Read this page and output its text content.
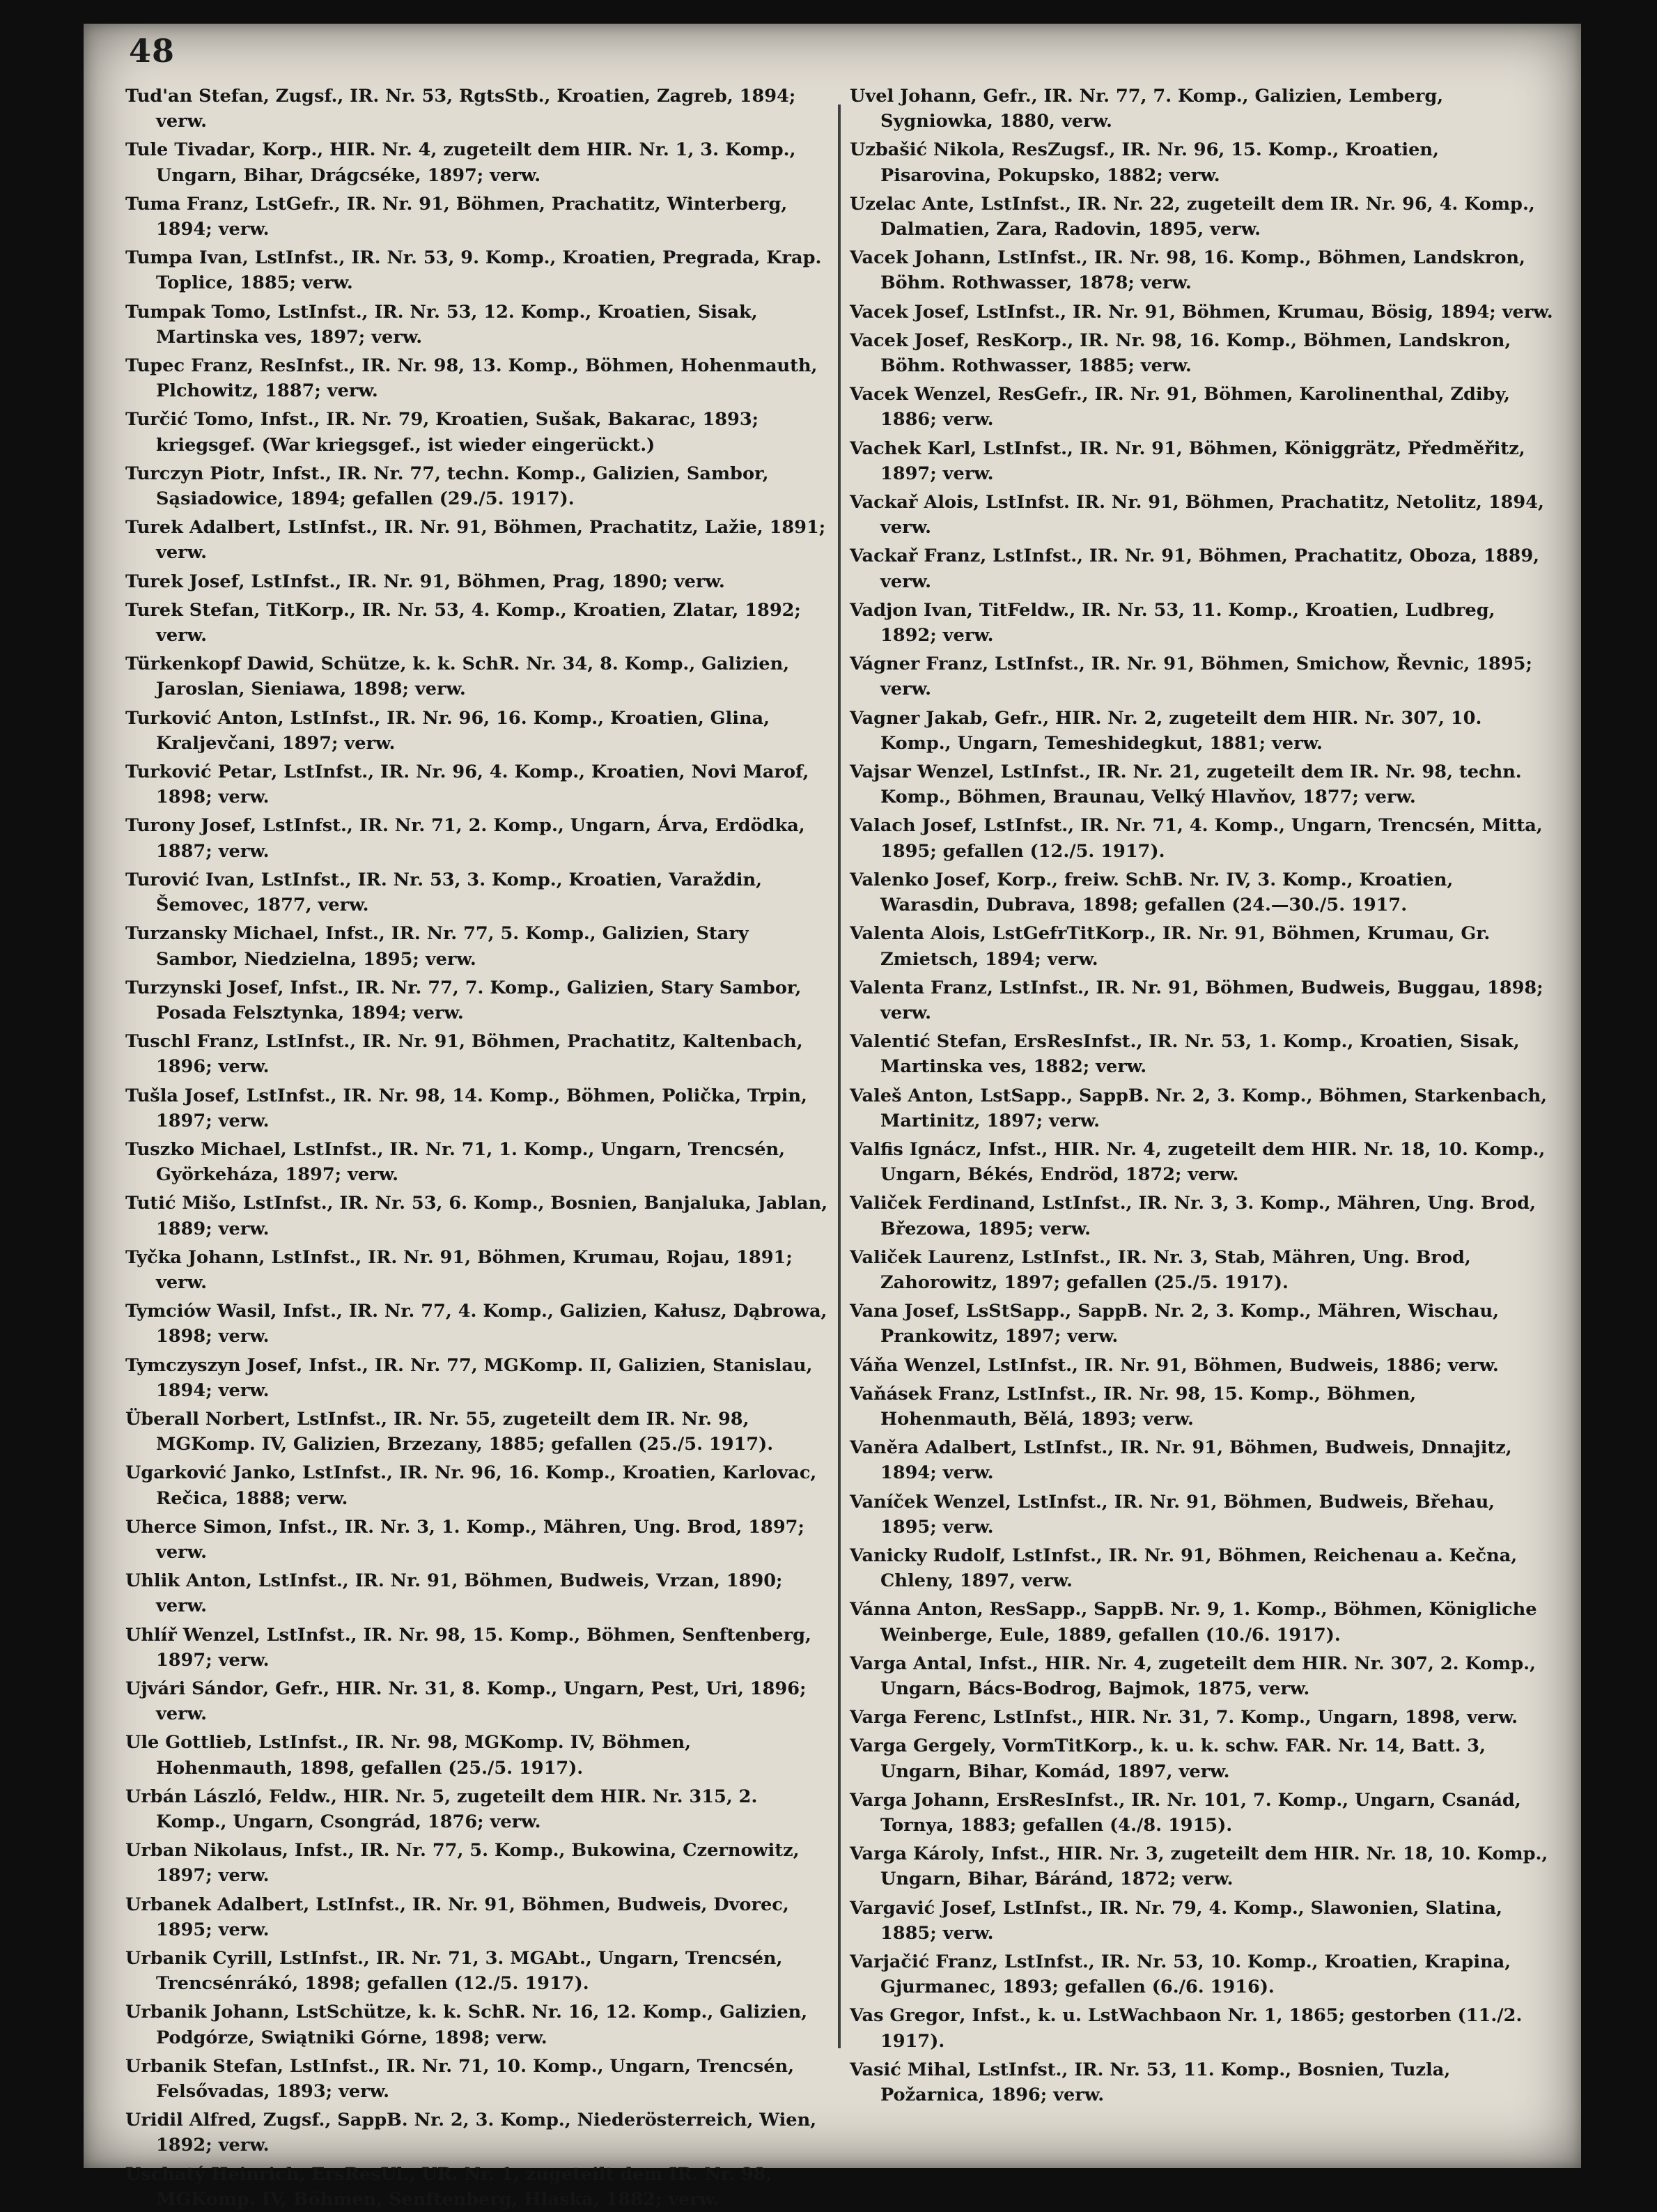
48

Tud'an Stefan, Zugsf., IR. Nr. 53, RgtsStb., Kroatien, Zagreb, 1894; verw.

Tule Tivadar, Korp., HIR. Nr. 4, zugeteilt dem HIR. Nr. 1, 3. Komp., Ungarn, Bihar, Drágcséke, 1897; verw.

Tuma Franz, LstGefr., IR. Nr. 91, Böhmen, Prachatitz, Winterberg, 1894; verw.

Tumpa Ivan, LstInfst., IR. Nr. 53, 9. Komp., Kroatien, Pregrada, Krap. Toplice, 1885; verw.

Tumpak Tomo, LstInfst., IR. Nr. 53, 12. Komp., Kroatien, Sisak, Martinska ves, 1897; verw.

Tupec Franz, ResInfst., IR. Nr. 98, 13. Komp., Böhmen, Hohenmauth, Plchowitz, 1887; verw.

Turčić Tomo, Infst., IR. Nr. 79, Kroatien, Sušak, Bakarac, 1893; kriegsgef. (War kriegsgef., ist wieder eingerückt.)

Turczyn Piotr, Infst., IR. Nr. 77, techn. Komp., Galizien, Sambor, Sąsiadowice, 1894; gefallen (29./5. 1917).

Turek Adalbert, LstInfst., IR. Nr. 91, Böhmen, Prachatitz, Lažie, 1891; verw.

Turek Josef, LstInfst., IR. Nr. 91, Böhmen, Prag, 1890; verw.

Turek Stefan, TitKorp., IR. Nr. 53, 4. Komp., Kroatien, Zlatar, 1892; verw.

Türkenkopf Dawid, Schütze, k. k. SchR. Nr. 34, 8. Komp., Galizien, Jaroslan, Sieniawa, 1898; verw.

Turković Anton, LstInfst., IR. Nr. 96, 16. Komp., Kroatien, Glina, Kraljevčani, 1897; verw.

Turković Petar, LstInfst., IR. Nr. 96, 4. Komp., Kroatien, Novi Marof, 1898; verw.

Turony Josef, LstInfst., IR. Nr. 71, 2. Komp., Ungarn, Árva, Erdödka, 1887; verw.

Turović Ivan, LstInfst., IR. Nr. 53, 3. Komp., Kroatien, Varaždin, Šemovec, 1877, verw.

Turzansky Michael, Infst., IR. Nr. 77, 5. Komp., Galizien, Stary Sambor, Niedzielna, 1895; verw.

Turzynski Josef, Infst., IR. Nr. 77, 7. Komp., Galizien, Stary Sambor, Posada Felsztynka, 1894; verw.

Tuschl Franz, LstInfst., IR. Nr. 91, Böhmen, Prachatitz, Kaltenbach, 1896; verw.

Tušla Josef, LstInfst., IR. Nr. 98, 14. Komp., Böhmen, Polička, Trpin, 1897; verw.

Tuszko Michael, LstInfst., IR. Nr. 71, 1. Komp., Ungarn, Trencsén, Györkeháza, 1897; verw.

Tutić Mišo, LstInfst., IR. Nr. 53, 6. Komp., Bosnien, Banjaluka, Jablan, 1889; verw.

Tyčka Johann, LstInfst., IR. Nr. 91, Böhmen, Krumau, Rojau, 1891; verw.

Tymciów Wasil, Infst., IR. Nr. 77, 4. Komp., Galizien, Kałusz, Dąbrowa, 1898; verw.

Tymczyszyn Josef, Infst., IR. Nr. 77, MGKomp. II, Galizien, Stanislau, 1894; verw.

Überall Norbert, LstInfst., IR. Nr. 55, zugeteilt dem IR. Nr. 98, MGKomp. IV, Galizien, Brzezany, 1885; gefallen (25./5. 1917).

Ugarković Janko, LstInfst., IR. Nr. 96, 16. Komp., Kroatien, Karlovac, Rečica, 1888; verw.

Uherce Simon, Infst., IR. Nr. 3, 1. Komp., Mähren, Ung. Brod, 1897; verw.

Uhlik Anton, LstInfst., IR. Nr. 91, Böhmen, Budweis, Vrzan, 1890; verw.

Uhlíř Wenzel, LstInfst., IR. Nr. 98, 15. Komp., Böhmen, Senftenberg, 1897; verw.

Ujvári Sándor, Gefr., HIR. Nr. 31, 8. Komp., Ungarn, Pest, Uri, 1896; verw.

Ule Gottlieb, LstInfst., IR. Nr. 98, MGKomp. IV, Böhmen, Hohenmauth, 1898, gefallen (25./5. 1917).

Urbán László, Feldw., HIR. Nr. 5, zugeteilt dem HIR. Nr. 315, 2. Komp., Ungarn, Csongrád, 1876; verw.

Urban Nikolaus, Infst., IR. Nr. 77, 5. Komp., Bukowina, Czernowitz, 1897; verw.

Urbanek Adalbert, LstInfst., IR. Nr. 91, Böhmen, Budweis, Dvorec, 1895; verw.

Urbanik Cyrill, LstInfst., IR. Nr. 71, 3. MGAbt., Ungarn, Trencsén, Trencsénrákó, 1898; gefallen (12./5. 1917).

Urbanik Johann, LstSchütze, k. k. SchR. Nr. 16, 12. Komp., Galizien, Podgórze, Swiątniki Górne, 1898; verw.

Urbanik Stefan, LstInfst., IR. Nr. 71, 10. Komp., Ungarn, Trencsén, Felsővadas, 1893; verw.

Uridil Alfred, Zugsf., SappB. Nr. 2, 3. Komp., Niederösterreich, Wien, 1892; verw.

Uschatý Heinrich, ErsResUl., UR. Nr. 1, zugeteilt dem IR. Nr. 98, MGKomp. IV, Böhmen, Senftenberg, Hlaska, 1882; verw.

Uvel Johann, Gefr., IR. Nr. 77, 7. Komp., Galizien, Lemberg, Sygniowka, 1880, verw.

Uzbašić Nikola, ResZugsf., IR. Nr. 96, 15. Komp., Kroatien, Pisarovina, Pokupsko, 1882; verw.

Uzelac Ante, LstInfst., IR. Nr. 22, zugeteilt dem IR. Nr. 96, 4. Komp., Dalmatien, Zara, Radovin, 1895, verw.

Vacek Johann, LstInfst., IR. Nr. 98, 16. Komp., Böhmen, Landskron, Böhm. Rothwasser, 1878; verw.

Vacek Josef, LstInfst., IR. Nr. 91, Böhmen, Krumau, Bösig, 1894; verw.

Vacek Josef, ResKorp., IR. Nr. 98, 16. Komp., Böhmen, Landskron, Böhm. Rothwasser, 1885; verw.

Vacek Wenzel, ResGefr., IR. Nr. 91, Böhmen, Karolinenthal, Zdiby, 1886; verw.

Vachek Karl, LstInfst., IR. Nr. 91, Böhmen, Königgrätz, Předměřitz, 1897; verw.

Vackař Alois, LstInfst. IR. Nr. 91, Böhmen, Prachatitz, Netolitz, 1894, verw.

Vackař Franz, LstInfst., IR. Nr. 91, Böhmen, Prachatitz, Oboza, 1889, verw.

Vadjon Ivan, TitFeldw., IR. Nr. 53, 11. Komp., Kroatien, Ludbreg, 1892; verw.

Vágner Franz, LstInfst., IR. Nr. 91, Böhmen, Smichow, Řevnic, 1895; verw.

Vagner Jakab, Gefr., HIR. Nr. 2, zugeteilt dem HIR. Nr. 307, 10. Komp., Ungarn, Temeshidegkut, 1881; verw.

Vajsar Wenzel, LstInfst., IR. Nr. 21, zugeteilt dem IR. Nr. 98, techn. Komp., Böhmen, Braunau, Velký Hlavňov, 1877; verw.

Valach Josef, LstInfst., IR. Nr. 71, 4. Komp., Ungarn, Trencsén, Mitta, 1895; gefallen (12./5. 1917).

Valenko Josef, Korp., freiw. SchB. Nr. IV, 3. Komp., Kroatien, Warasdin, Dubrava, 1898; gefallen (24.—30./5. 1917.

Valenta Alois, LstGefrTitKorp., IR. Nr. 91, Böhmen, Krumau, Gr. Zmietsch, 1894; verw.

Valenta Franz, LstInfst., IR. Nr. 91, Böhmen, Budweis, Buggau, 1898; verw.

Valentić Stefan, ErsResInfst., IR. Nr. 53, 1. Komp., Kroatien, Sisak, Martinska ves, 1882; verw.

Valeš Anton, LstSapp., SappB. Nr. 2, 3. Komp., Böhmen, Starkenbach, Martinitz, 1897; verw.

Valfis Ignácz, Infst., HIR. Nr. 4, zugeteilt dem HIR. Nr. 18, 10. Komp., Ungarn, Békés, Endröd, 1872; verw.

Valiček Ferdinand, LstInfst., IR. Nr. 3, 3. Komp., Mähren, Ung. Brod, Březowa, 1895; verw.

Valiček Laurenz, LstInfst., IR. Nr. 3, Stab, Mähren, Ung. Brod, Zahorowitz, 1897; gefallen (25./5. 1917).

Vana Josef, LsStSapp., SappB. Nr. 2, 3. Komp., Mähren, Wischau, Prankowitz, 1897; verw.

Váňa Wenzel, LstInfst., IR. Nr. 91, Böhmen, Budweis, 1886; verw.

Vaňásek Franz, LstInfst., IR. Nr. 98, 15. Komp., Böhmen, Hohenmauth, Bělá, 1893; verw.

Vaněra Adalbert, LstInfst., IR. Nr. 91, Böhmen, Budweis, Dnnajitz, 1894; verw.

Vaníček Wenzel, LstInfst., IR. Nr. 91, Böhmen, Budweis, Břehau, 1895; verw.

Vanicky Rudolf, LstInfst., IR. Nr. 91, Böhmen, Reichenau a. Kečna, Chleny, 1897, verw.

Vánna Anton, ResSapp., SappB. Nr. 9, 1. Komp., Böhmen, Königliche Weinberge, Eule, 1889, gefallen (10./6. 1917).

Varga Antal, Infst., HIR. Nr. 4, zugeteilt dem HIR. Nr. 307, 2. Komp., Ungarn, Bács-Bodrog, Bajmok, 1875, verw.

Varga Ferenc, LstInfst., HIR. Nr. 31, 7. Komp., Ungarn, 1898, verw.

Varga Gergely, VormTitKorp., k. u. k. schw. FAR. Nr. 14, Batt. 3, Ungarn, Bihar, Komád, 1897, verw.

Varga Johann, ErsResInfst., IR. Nr. 101, 7. Komp., Ungarn, Csanád, Tornya, 1883; gefallen (4./8. 1915).

Varga Károly, Infst., HIR. Nr. 3, zugeteilt dem HIR. Nr. 18, 10. Komp., Ungarn, Bihar, Báránd, 1872; verw.

Vargavić Josef, LstInfst., IR. Nr. 79, 4. Komp., Slawonien, Slatina, 1885; verw.

Varjačić Franz, LstInfst., IR. Nr. 53, 10. Komp., Kroatien, Krapina, Gjurmanec, 1893; gefallen (6./6. 1916).

Vas Gregor, Infst., k. u. LstWachbaon Nr. 1, 1865; gestorben (11./2. 1917).

Vasić Mihal, LstInfst., IR. Nr. 53, 11. Komp., Bosnien, Tuzla, Požarnica, 1896; verw.
